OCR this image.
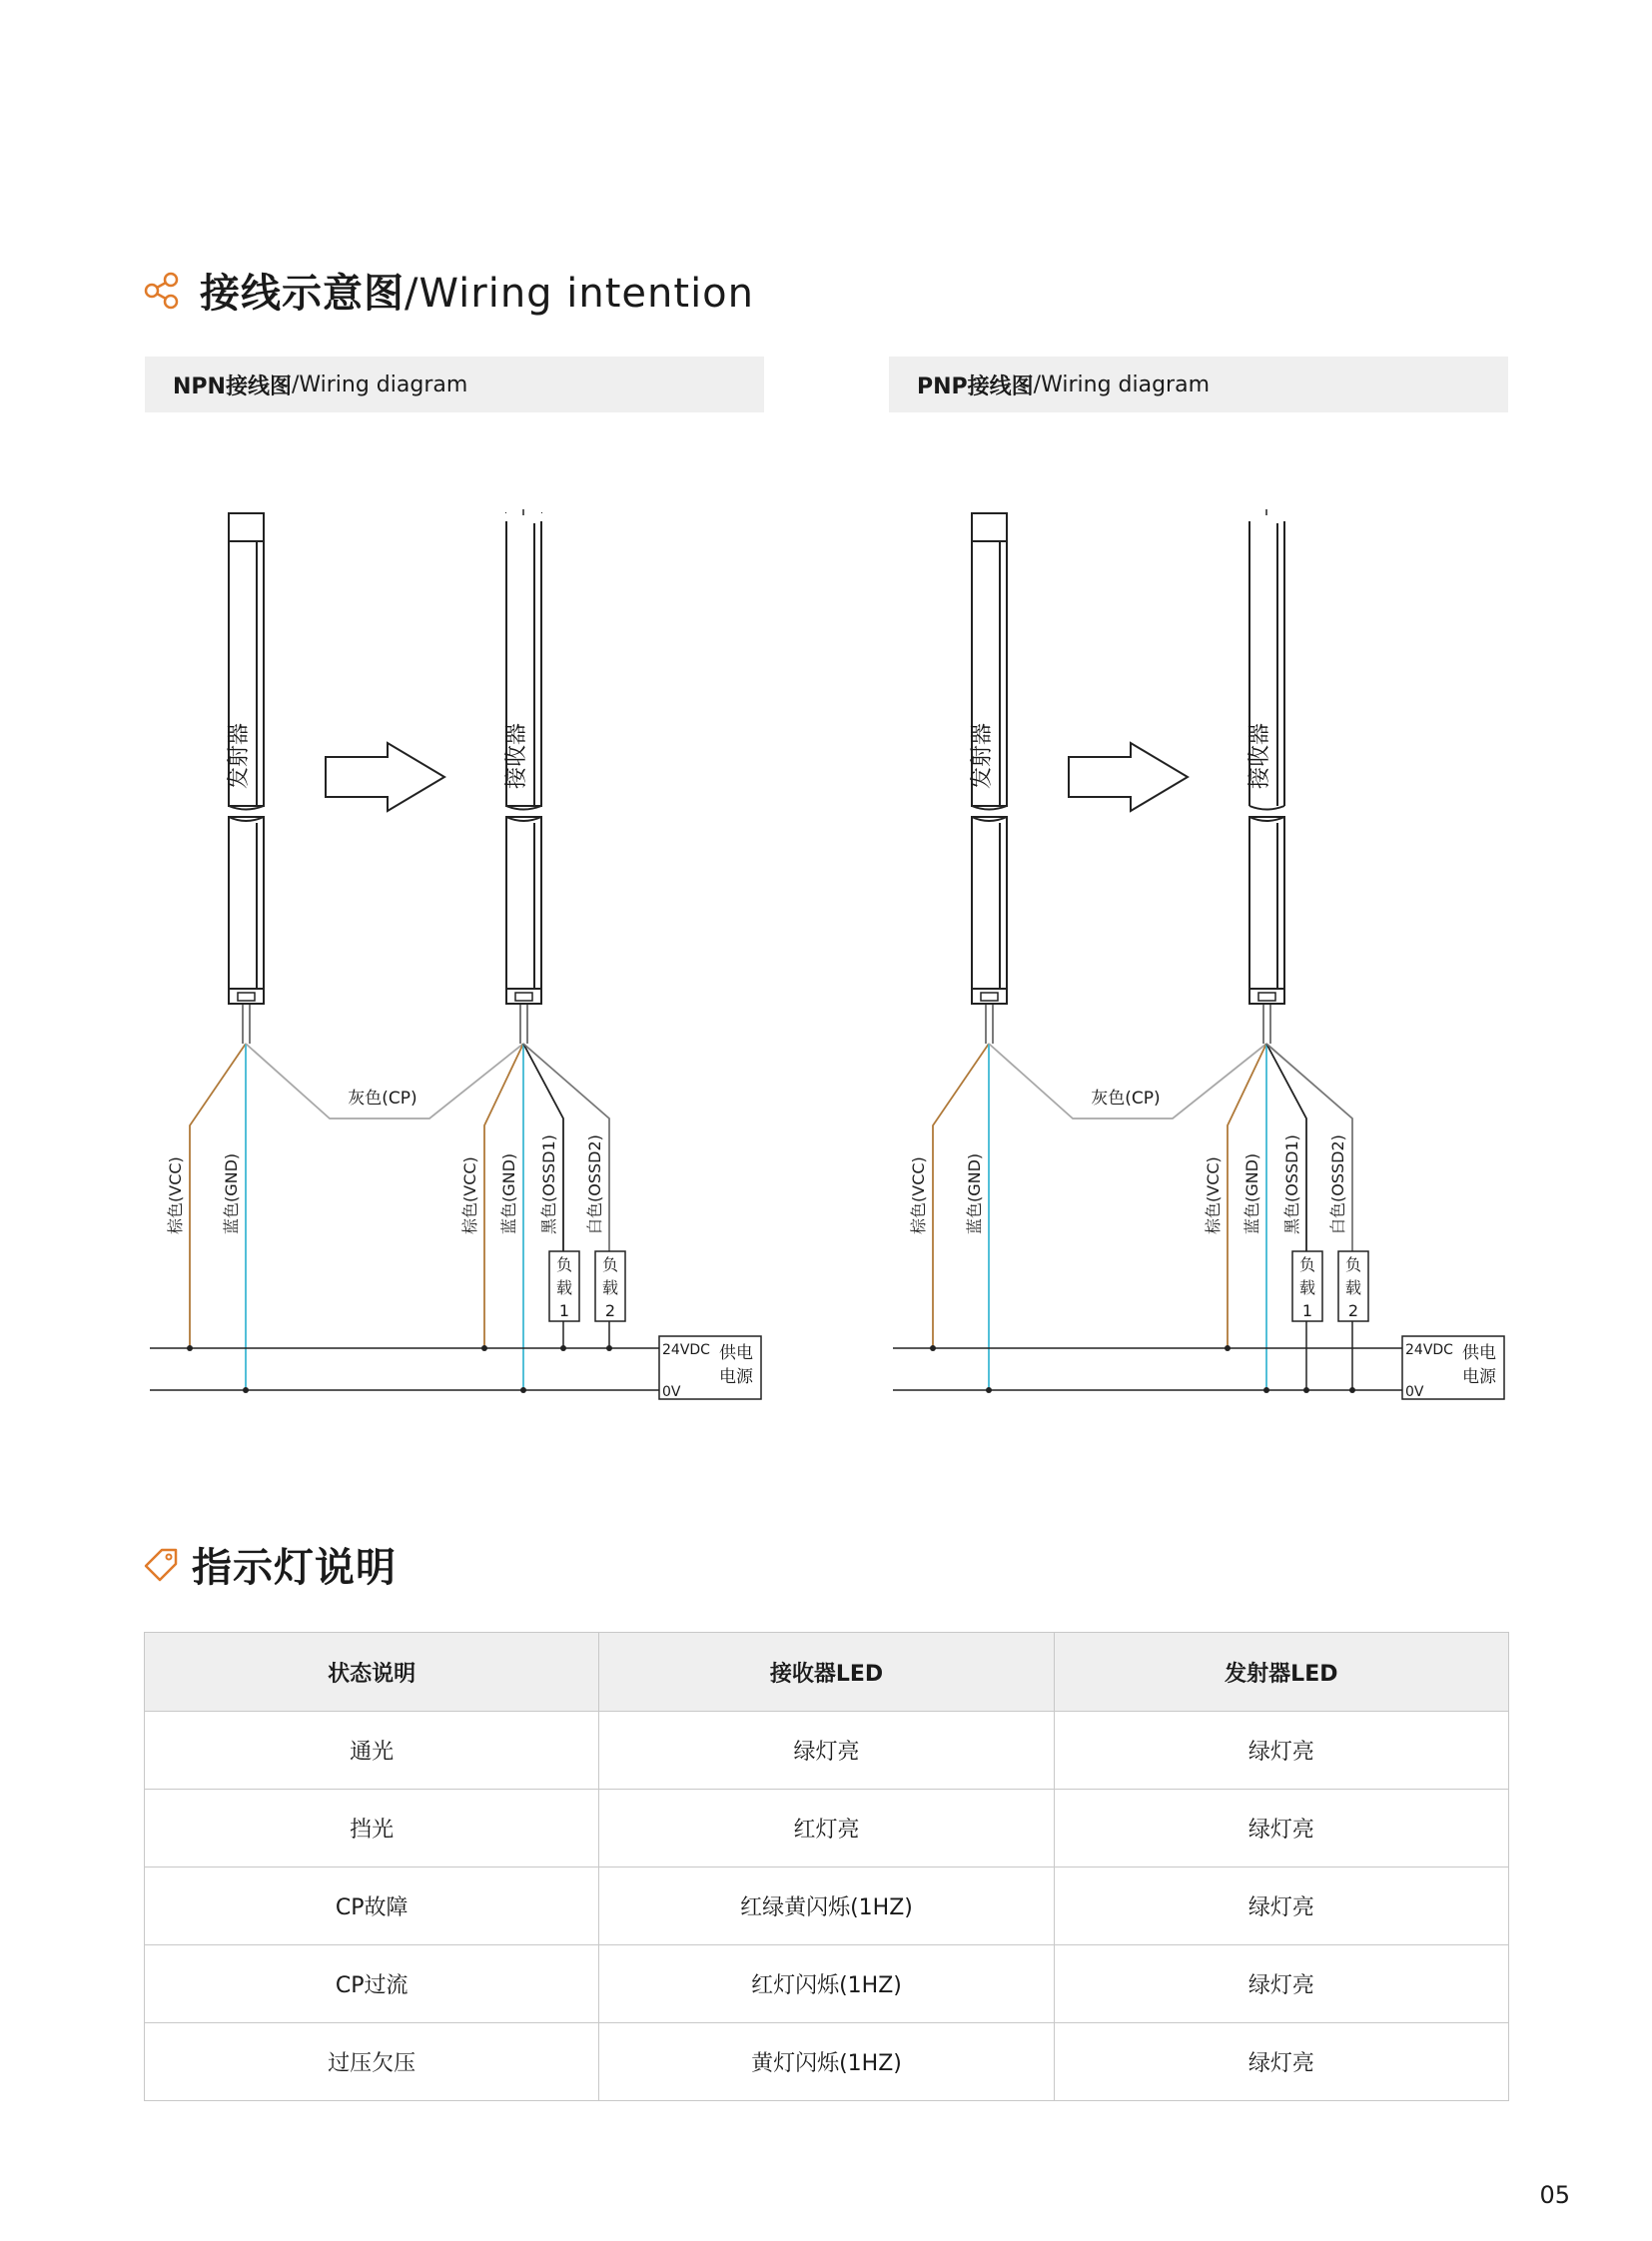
接线示意图/Wiring intention
NPN接线图 /Wiring diagram	PNP接线图 /Wiring diagram
发射器	接收器
灰色(CP)
棕色(VCC) 蓝色(GND)	棕色(VCC) 蓝色(GND) 黑色(OSSD1) 白色(OSSD2)
负
载
1
负
载
2
24VDC
0V
供电
电源
发射器	接收器
灰色(CP)
棕色(VCC) 蓝色(GND)	棕色(VCC) 蓝色(GND) 黑色(OSSD1) 白色(OSSD2)
负
载
1
负
载
2
24VDC
0V
供电
电源
指示灯说明
状态说明	接收器LED	发射器LED
通光	绿灯亮	绿灯亮
挡光	红灯亮	绿灯亮
CP故障	红绿黄闪烁(1HZ)	绿灯亮
CP过流	红灯闪烁(1HZ)	绿灯亮
过压欠压	黄灯闪烁(1HZ)	绿灯亮
05
